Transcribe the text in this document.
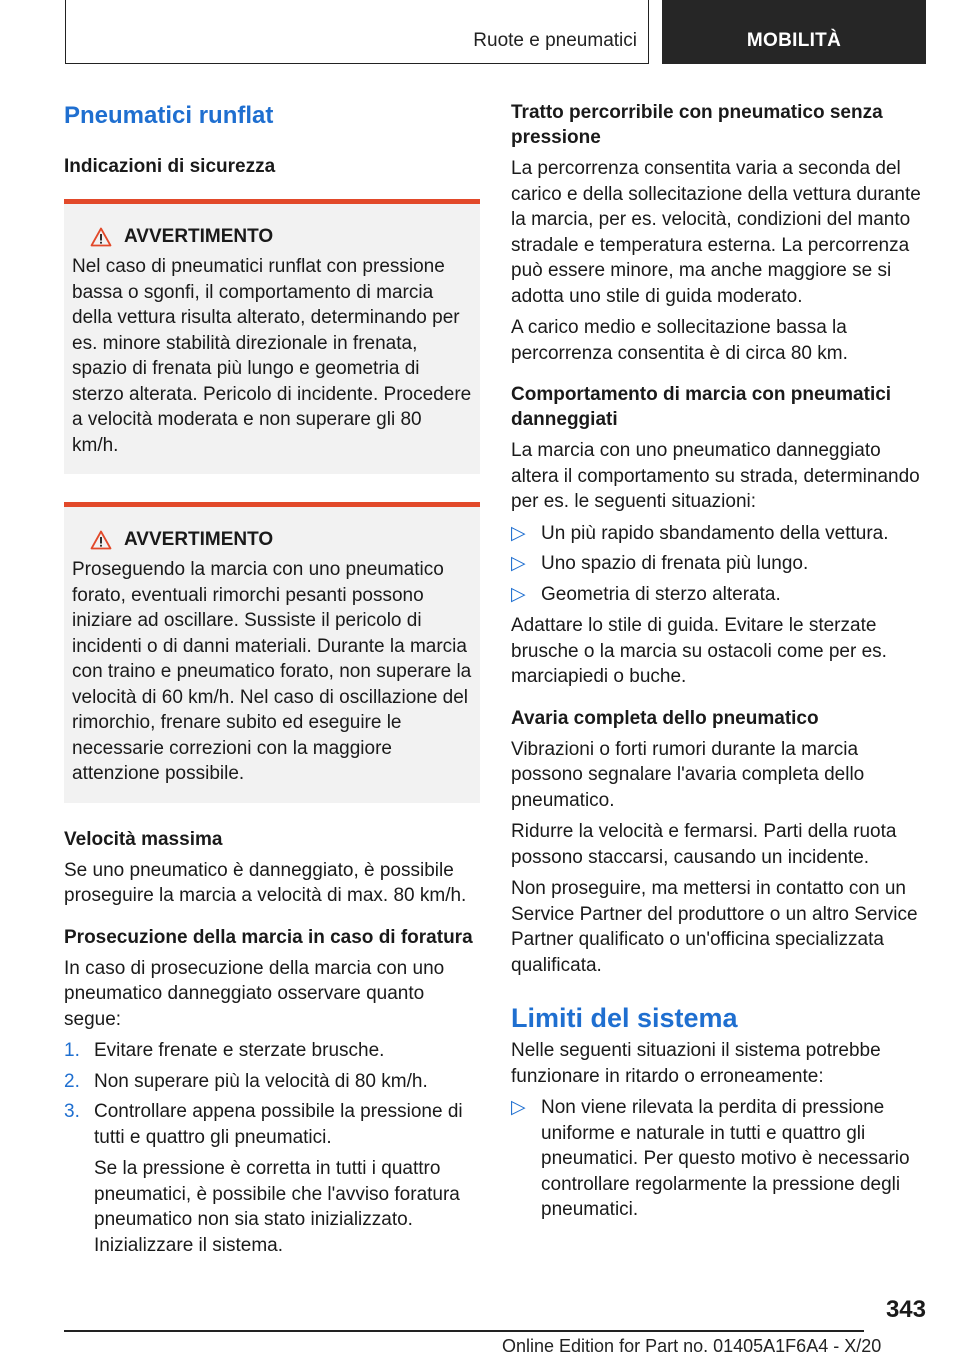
Ruote e pneumatici	MOBILITÀ
Pneumatici runflat
Indicazioni di sicurezza
AVVERTIMENTO

Nel caso di pneumatici runflat con pressione bassa o sgonfi, il comportamento di marcia della vettura risulta alterato, determinando per es. minore stabilità direzionale in frenata, spazio di frenata più lungo e geometria di sterzo alterata. Pericolo di incidente. Procedere a velocità moderata e non superare gli 80 km/h.

AVVERTIMENTO

Proseguendo la marcia con uno pneumatico forato, eventuali rimorchi pesanti possono iniziare ad oscillare. Sussiste il pericolo di incidenti o di danni materiali. Durante la marcia con traino e pneumatico forato, non superare la velocità di 60 km/h. Nel caso di oscillazione del rimorchio, frenare subito ed eseguire le necessarie correzioni con la maggiore attenzione possibile.

Velocità massima

Se uno pneumatico è danneggiato, è possibile proseguire la marcia a velocità di max. 80 km/h.

Prosecuzione della marcia in caso di foratura

In caso di prosecuzione della marcia con uno pneumatico danneggiato osservare quanto segue:

1. Evitare frenate e sterzate brusche.
2. Non superare più la velocità di 80 km/h.
3. Controllare appena possibile la pressione di tutti e quattro gli pneumatici.

Se la pressione è corretta in tutti i quattro pneumatici, è possibile che l'avviso foratura pneumatico non sia stato inizializzato. Inizializzare il sistema.

Tratto percorribile con pneumatico senza pressione

La percorrenza consentita varia a seconda del carico e della sollecitazione della vettura durante la marcia, per es. velocità, condizioni del manto stradale e temperatura esterna. La percorrenza può essere minore, ma anche maggiore se si adotta uno stile di guida moderato.

A carico medio e sollecitazione bassa la percorrenza consentita è di circa 80 km.

Comportamento di marcia con pneumatici danneggiati

La marcia con uno pneumatico danneggiato altera il comportamento su strada, determinando per es. le seguenti situazioni:

▷ Un più rapido sbandamento della vettura.
▷ Uno spazio di frenata più lungo.
▷ Geometria di sterzo alterata.

Adattare lo stile di guida. Evitare le sterzate brusche o la marcia su ostacoli come per es. marciapiedi o buche.

Avaria completa dello pneumatico

Vibrazioni o forti rumori durante la marcia possono segnalare l'avaria completa dello pneumatico.

Ridurre la velocità e fermarsi. Parti della ruota possono staccarsi, causando un incidente.

Non proseguire, ma mettersi in contatto con un Service Partner del produttore o un altro Service Partner qualificato o un'officina specializzata qualificata.

Limiti del sistema

Nelle seguenti situazioni il sistema potrebbe funzionare in ritardo o erroneamente:

▷ Non viene rilevata la perdita di pressione uniforme e naturale in tutti e quattro gli pneumatici. Per questo motivo è necessario controllare regolarmente la pressione degli pneumatici.
343
Online Edition for Part no. 01405A1F6A4 - X/20
